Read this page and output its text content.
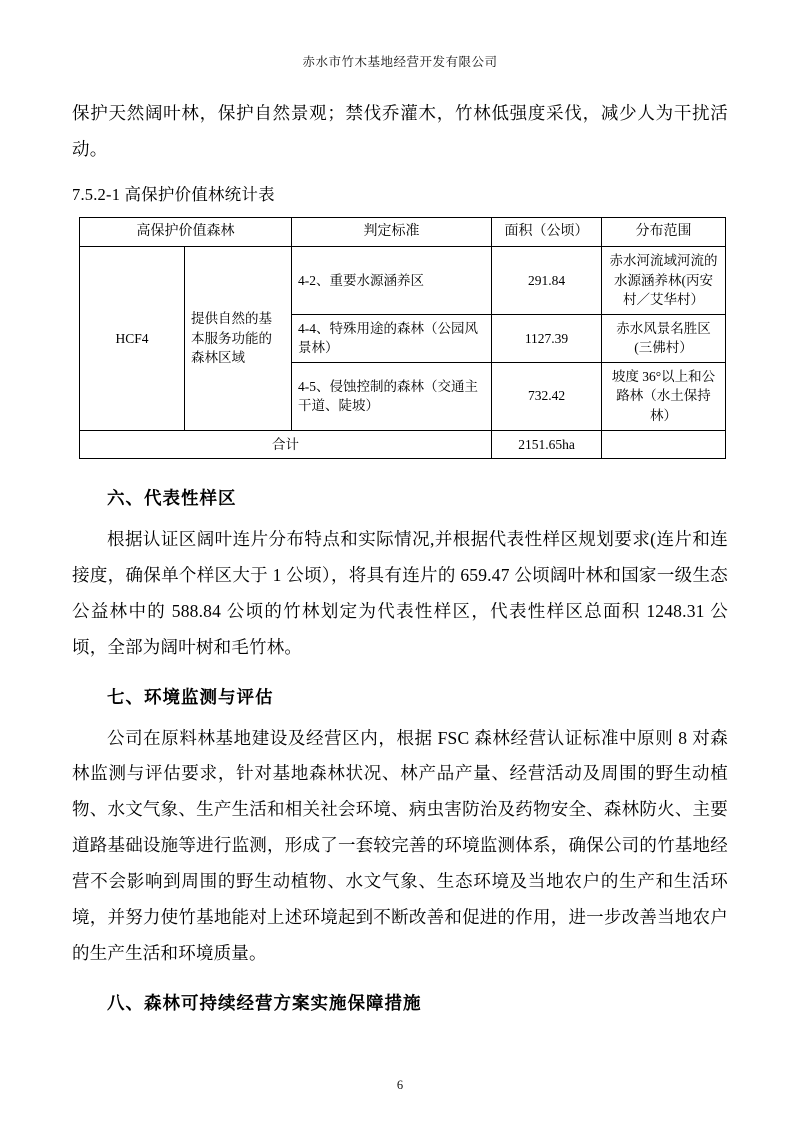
赤水市竹木基地经营开发有限公司

保护天然阔叶林，保护自然景观；禁伐乔灌木，竹林低强度采伐，减少人为干扰活动。

7.5.2-1 高保护价值林统计表
高保护价值森林		判定标准	面积（公顷）	分布范围
HCF4	提供自然的基本服务功能的森林区域	4-2、重要水源涵养区	291.84	赤水河流域河流的水源涵养林(丙安村／艾华村）
		4-4、特殊用途的森林（公园风景林）	1127.39	赤水风景名胜区(三佛村）
		4-5、侵蚀控制的森林（交通主干道、陡坡）	732.42	坡度 36°以上和公路林（水土保持林）
合计			2151.65ha	
六、代表性样区

根据认证区阔叶连片分布特点和实际情况,并根据代表性样区规划要求(连片和连接度，确保单个样区大于 1 公顷），将具有连片的 659.47 公顷阔叶林和国家一级生态公益林中的 588.84 公顷的竹林划定为代表性样区，代表性样区总面积 1248.31 公顷，全部为阔叶树和毛竹林。

七、环境监测与评估

公司在原料林基地建设及经营区内，根据 FSC 森林经营认证标准中原则 8 对森林监测与评估要求，针对基地森林状况、林产品产量、经营活动及周围的野生动植物、水文气象、生产生活和相关社会环境、病虫害防治及药物安全、森林防火、主要道路基础设施等进行监测，形成了一套较完善的环境监测体系，确保公司的竹基地经营不会影响到周围的野生动植物、水文气象、生态环境及当地农户的生产和生活环境，并努力使竹基地能对上述环境起到不断改善和促进的作用，进一步改善当地农户的生产生活和环境质量。

八、森林可持续经营方案实施保障措施
6
